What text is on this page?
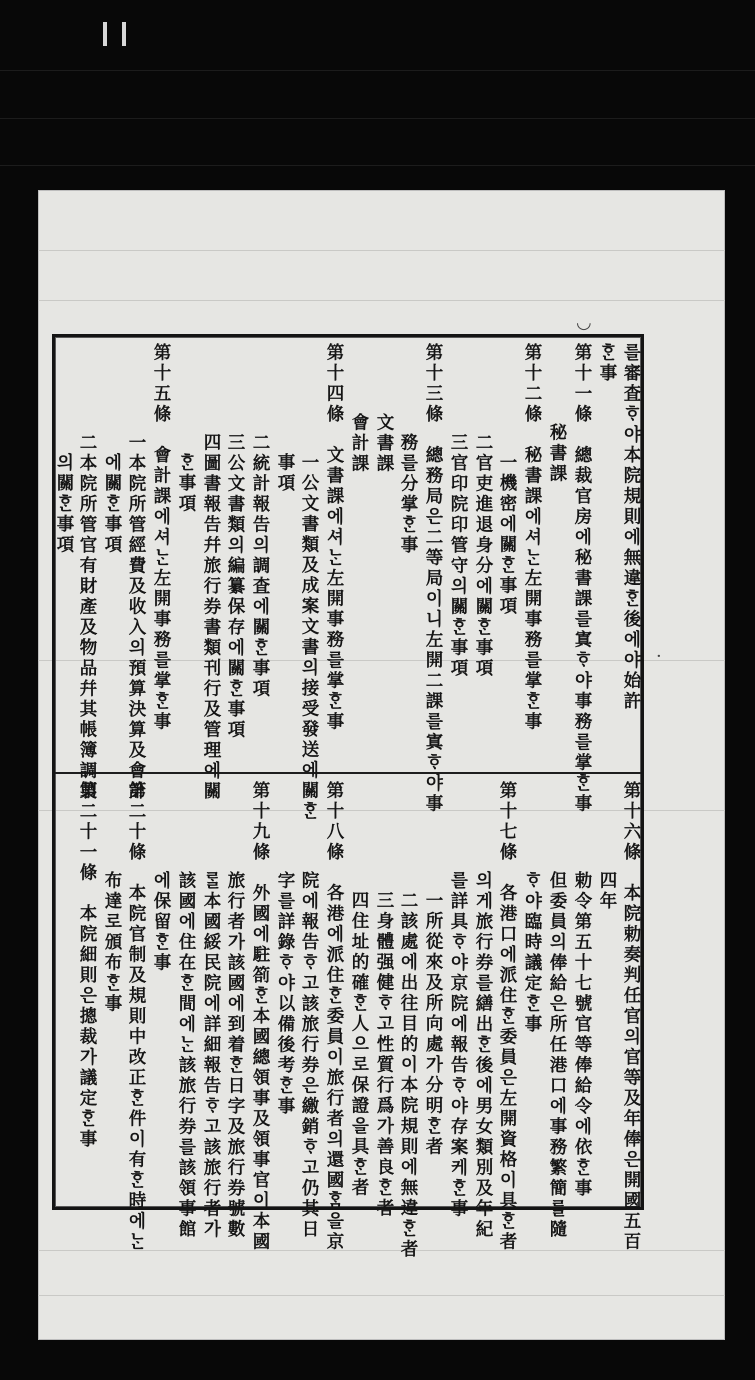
◡
·
를審査ᄒᆞ야本院規則에無違ᄒᆞᆫ後에야始許
ᄒᆞᆫ事
第十一條　總裁官房에秘書課를寘ᄒᆞ야事務를掌ᄒᆞᆫ事
秘書課
第十二條　秘書課에셔ᄂᆞᆫ左開事務를掌ᄒᆞᆫ事
一機密에關ᄒᆞᆫ事項
二官吏進退身分에關ᄒᆞᆫ事項
三官印院印管守의關ᄒᆞᆫ事項
第十三條　總務局은二等局이니左開二課를寘ᄒᆞ야事
務를分掌ᄒᆞᆫ事
文書課
會計課
第十四條　文書課에셔ᄂᆞᆫ左開事務를掌ᄒᆞᆫ事
一公文書類及成案文書의接受發送에關ᄒᆞᆫ
事項
二統計報告의調査에關ᄒᆞᆫ事項
三公文書類의編纂保存에關ᄒᆞᆫ事項
四圖書報告幷旅行券書類刊行及管理에關
ᄒᆞᆫ事項
第十五條　會計課에셔ᄂᆞᆫ左開事務를掌ᄒᆞᆫ事
一本院所管經費及收入의預算決算及會計
에關ᄒᆞᆫ事項
二本院所管官有財產及物品幷其帳簿調製
의關ᄒᆞᆫ事項
第十六條　本院勅奏判任官의官等及年俸은開國五百
四年
勅令第五十七號官等俸給令에依ᄒᆞᆫ事
但委員의俸給은所任港口에事務繁簡를隨
ᄒᆞ야臨時議定ᄒᆞᆫ事
第十七條　各港口에派住ᄒᆞᆫ委員은左開資格이具ᄒᆞᆫ者
의게旅行券를繕出ᄒᆞᆫ後에男女類別及年紀
를詳具ᄒᆞ야京院에報告ᄒᆞ야存案케ᄒᆞᆫ事
一所從來及所向處가分明ᄒᆞᆫ者
二該處에出往目的이本院規則에無違ᄒᆞᆫ者
三身體强健ᄒᆞ고性質行爲가善良ᄒᆞᆫ者
四住址的確ᄒᆞᆫ人으로保證을具ᄒᆞᆫ者
第十八條　各港에派住ᄒᆞᆫ委員이旅行者의還國ᄒᆞᆷ을京
院에報告ᄒᆞ고該旅行券은繳銷ᄒᆞ고仍其日
字를詳錄ᄒᆞ야以備後考ᄒᆞᆫ事
第十九條　外國에駐箚ᄒᆞᆫ本國總領事及領事官이本國
旅行者가該國에到着ᄒᆞᆫ日字及旅行券號數
ᄅᆞᆯ本國綏民院에詳細報告ᄒᆞ고該旅行者가
該國에住在ᄒᆞᆫ間에ᄂᆞᆫ該旅行券를該領事館
에保留ᄒᆞᆫ事
第二十條　本院官制及規則中改正ᄒᆞᆫ件이有ᄒᆞᆫ時에ᄂᆞᆫ
布達로頒布ᄒᆞᆫ事
第二十一條　本院細則은摠裁가議定ᄒᆞᆫ事
